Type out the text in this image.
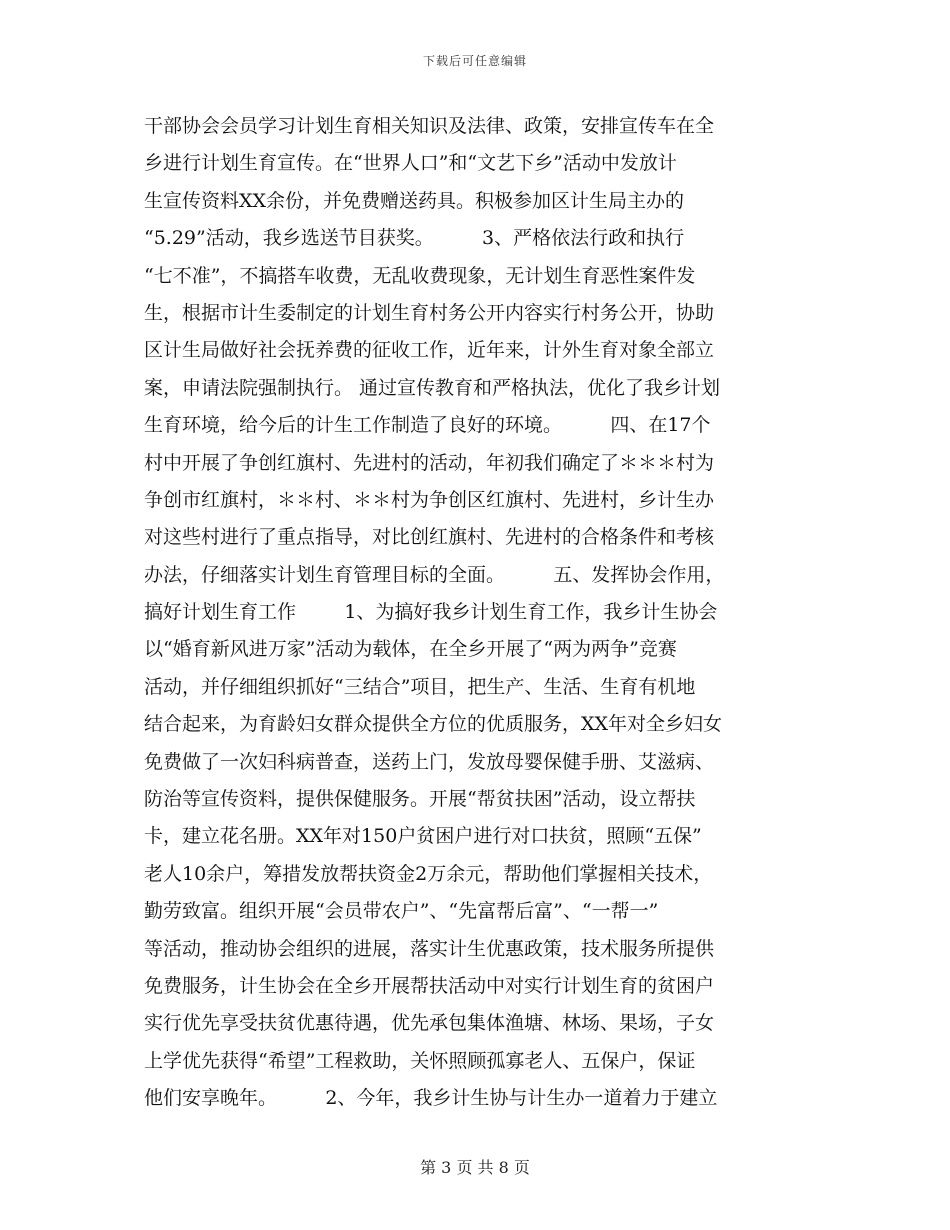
下载后可任意编辑
干部协会会员学习计划生育相关知识及法律、政策，安排宣传车在全
乡进行计划生育宣传。在“世界人口”和“文艺下乡”活动中发放计
生宣传资料XX余份，并免费赠送药具。积极参加区计生局主办的
“5.29”活动，我乡选送节目获奖。        3、严格依法行政和执行
“七不准”，不搞搭车收费，无乱收费现象，无计划生育恶性案件发
生，根据市计生委制定的计划生育村务公开内容实行村务公开，协助
区计生局做好社会抚养费的征收工作，近年来，计外生育对象全部立
案，申请法院强制执行。 通过宣传教育和严格执法，优化了我乡计划
生育环境，给今后的计生工作制造了良好的环境。        四、在17个
村中开展了争创红旗村、先进村的活动，年初我们确定了＊＊＊村为
争创市红旗村，＊＊村、＊＊村为争创区红旗村、先进村，乡计生办
对这些村进行了重点指导，对比创红旗村、先进村的合格条件和考核
办法，仔细落实计划生育管理目标的全面。        五、发挥协会作用，
搞好计划生育工作        1、为搞好我乡计划生育工作，我乡计生协会
以“婚育新风进万家”活动为载体，在全乡开展了“两为两争”竞赛
活动，并仔细组织抓好“三结合”项目，把生产、生活、生育有机地
结合起来，为育龄妇女群众提供全方位的优质服务，XX年对全乡妇女
免费做了一次妇科病普查，送药上门，发放母婴保健手册、艾滋病、
防治等宣传资料，提供保健服务。开展“帮贫扶困”活动，设立帮扶
卡，建立花名册。XX年对150户贫困户进行对口扶贫，照顾“五保”
老人10余户，筹措发放帮扶资金2万余元，帮助他们掌握相关技术，
勤劳致富。组织开展“会员带农户”、“先富帮后富”、“一帮一”
等活动，推动协会组织的进展，落实计生优惠政策，技术服务所提供
免费服务，计生协会在全乡开展帮扶活动中对实行计划生育的贫困户
实行优先享受扶贫优惠待遇，优先承包集体渔塘、林场、果场，子女
上学优先获得“希望”工程救助，关怀照顾孤寡老人、五保户，保证
他们安享晚年。        2、今年，我乡计生协与计生办一道着力于建立
第 3 页 共 8 页
